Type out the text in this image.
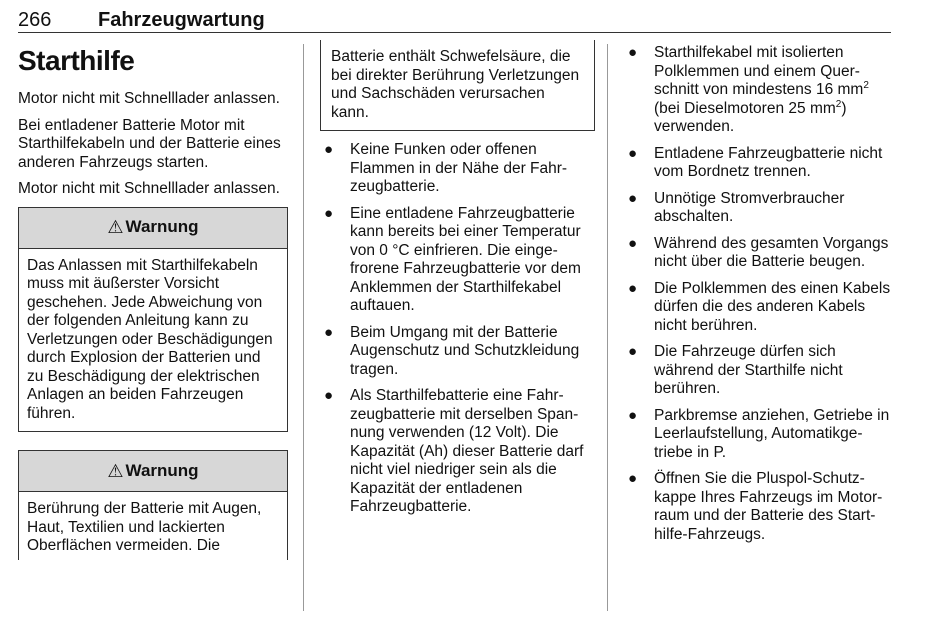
266 Fahrzeugwartung
Starthilfe

Motor nicht mit Schnelllader anlassen.

Bei entladener Batterie Motor mit Starthilfekabeln und der Batterie eines anderen Fahrzeugs starten.

Motor nicht mit Schnelllader anlassen.

⚠ Warnung
Das Anlassen mit Starthilfekabeln muss mit äußerster Vorsicht geschehen. Jede Abweichung von der folgenden Anleitung kann zu Verletzungen oder Beschädigungen durch Explosion der Batterien und zu Beschädigung der elektrischen Anlagen an beiden Fahrzeugen führen.
⚠ Warnung
Berührung der Batterie mit Augen, Haut, Textilien und lackierten Oberflächen vermeiden. Die
Batterie enthält Schwefelsäure, die bei direkter Berührung Verletzungen und Sachschäden verursachen kann.
● Keine Funken oder offenen Flammen in der Nähe der Fahrzeugbatterie.
● Eine entladene Fahrzeugbatterie kann bereits bei einer Temperatur von 0 °C einfrieren. Die eingefrorene Fahrzeugbatterie vor dem Anklemmen der Starthilfekabel auftauen.
● Beim Umgang mit der Batterie Augenschutz und Schutzkleidung tragen.
● Als Starthilfebatterie eine Fahrzeugbatterie mit derselben Spannung verwenden (12 Volt). Die Kapazität (Ah) dieser Batterie darf nicht viel niedriger sein als die Kapazität der entladenen Fahrzeugbatterie.
● Starthilfekabel mit isolierten Polklemmen und einem Querschnitt von mindestens 16 $mm^2$ (bei Dieselmotoren 25 $mm^2$) verwenden.
● Entladene Fahrzeugbatterie nicht vom Bordnetz trennen.
● Unnötige Stromverbraucher abschalten.
● Während des gesamten Vorgangs nicht über die Batterie beugen.
● Die Polklemmen des einen Kabels dürfen die des anderen Kabels nicht berühren.
● Die Fahrzeuge dürfen sich während der Starthilfe nicht berühren.
● Parkbremse anziehen, Getriebe in Leerlaufstellung, Automatikgetriebe in P.
● Öffnen Sie die Pluspol-Schutzkappe Ihres Fahrzeugs im Motorraum und der Batterie des Starthilfe-Fahrzeugs.
